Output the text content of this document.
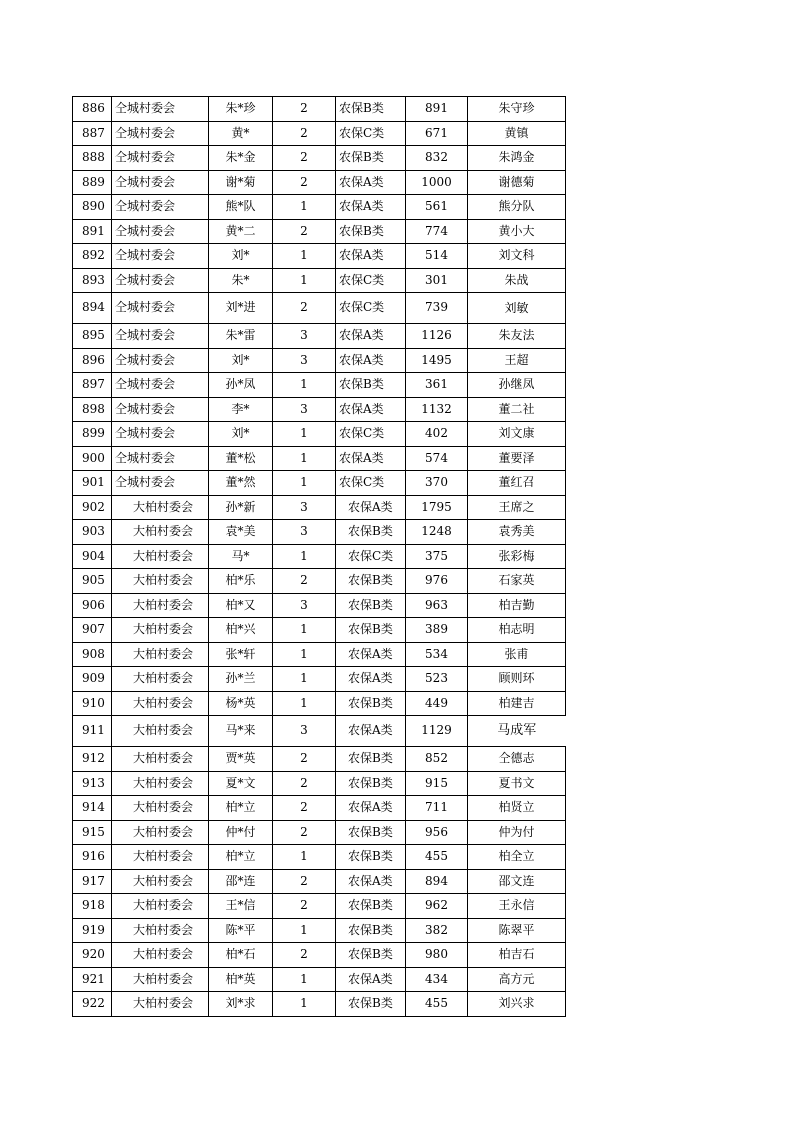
886	仝城村委会	朱*珍	2	农保B类	891	朱守珍
887	仝城村委会	黄*	2	农保C类	671	黄镇
888	仝城村委会	朱*金	2	农保B类	832	朱鸿金
889	仝城村委会	谢*菊	2	农保A类	1000	谢德菊
890	仝城村委会	熊*队	1	农保A类	561	熊分队
891	仝城村委会	黄*二	2	农保B类	774	黄小大
892	仝城村委会	刘*	1	农保A类	514	刘文科
893	仝城村委会	朱*	1	农保C类	301	朱战
894	仝城村委会	刘*进	2	农保C类	739	刘敏
895	仝城村委会	朱*雷	3	农保A类	1126	朱友法
896	仝城村委会	刘*	3	农保A类	1495	王超
897	仝城村委会	孙*凤	1	农保B类	361	孙继凤
898	仝城村委会	李*	3	农保A类	1132	董二社
899	仝城村委会	刘*	1	农保C类	402	刘文康
900	仝城村委会	董*松	1	农保A类	574	董要泽
901	仝城村委会	董*然	1	农保C类	370	董红召
902	大柏村委会	孙*新	3	农保A类	1795	王席之
903	大柏村委会	袁*美	3	农保B类	1248	袁秀美
904	大柏村委会	马*	1	农保C类	375	张彩梅
905	大柏村委会	柏*乐	2	农保B类	976	石家英
906	大柏村委会	柏*又	3	农保B类	963	柏吉勤
907	大柏村委会	柏*兴	1	农保B类	389	柏志明
908	大柏村委会	张*轩	1	农保A类	534	张甫
909	大柏村委会	孙*兰	1	农保A类	523	顾则环
910	大柏村委会	杨*英	1	农保B类	449	柏建吉
911	大柏村委会	马*来	3	农保A类	1129	马成军
912	大柏村委会	贾*英	2	农保B类	852	仝德志
913	大柏村委会	夏*文	2	农保B类	915	夏书文
914	大柏村委会	柏*立	2	农保A类	711	柏贤立
915	大柏村委会	仲*付	2	农保B类	956	仲为付
916	大柏村委会	柏*立	1	农保B类	455	柏全立
917	大柏村委会	邵*连	2	农保A类	894	邵文连
918	大柏村委会	王*信	2	农保B类	962	王永信
919	大柏村委会	陈*平	1	农保B类	382	陈翠平
920	大柏村委会	柏*石	2	农保B类	980	柏吉石
921	大柏村委会	柏*英	1	农保A类	434	高方元
922	大柏村委会	刘*求	1	农保B类	455	刘兴求
